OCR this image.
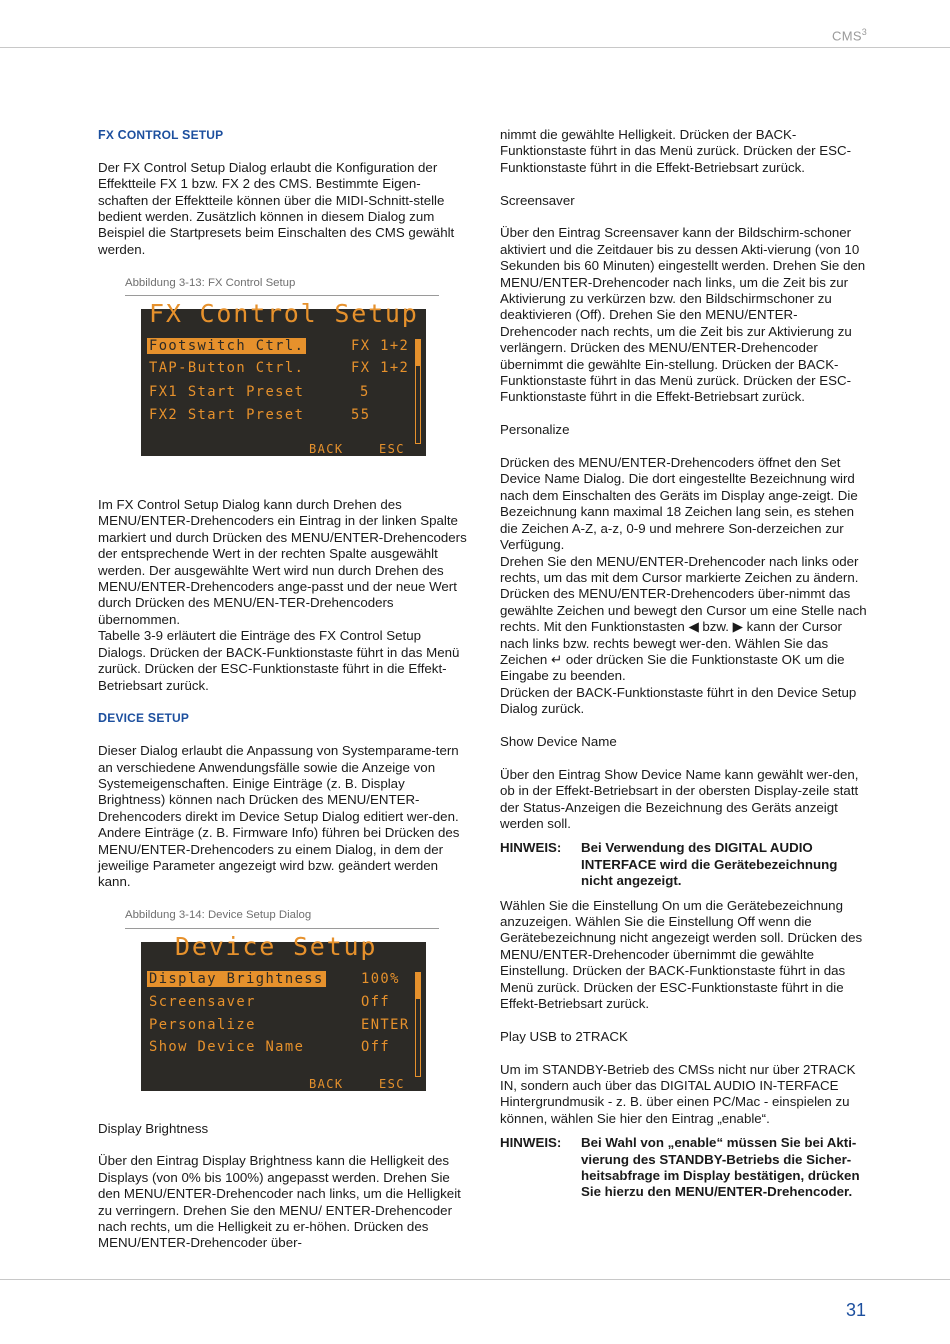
CMS$^3$
FX CONTROL SETUP

Der FX Control Setup Dialog erlaubt die Konfiguration der Effektteile FX 1 bzw. FX 2 des CMS. Bestimmte Eigen-schaften der Effektteile können über die MIDI-Schnitt-stelle bedient werden. Zusätzlich können in diesem Dialog zum Beispiel die Startpresets beim Einschalten des CMS gewählt werden.

Abbildung 3-13: FX Control Setup
FX Control Setup
Footswitch Ctrl.	FX 1+2
TAP-Button Ctrl.	FX 1+2
FX1 Start Preset	5
FX2 Start Preset	55
BACK	ESC

Im FX Control Setup Dialog kann durch Drehen des MENU/ENTER-Drehencoders ein Eintrag in der linken Spalte markiert und durch Drücken des MENU/ENTER-Drehencoders der entsprechende Wert in der rechten Spalte ausgewählt werden. Der ausgewählte Wert wird nun durch Drehen des MENU/ENTER-Drehencoders ange-passt und der neue Wert durch Drücken des MENU/EN-TER-Drehencoders übernommen.
Tabelle 3-9 erläutert die Einträge des FX Control Setup Dialogs. Drücken der BACK-Funktionstaste führt in das Menü zurück. Drücken der ESC-Funktionstaste führt in die Effekt-Betriebsart zurück.

DEVICE SETUP

Dieser Dialog erlaubt die Anpassung von Systemparame-tern an verschiedene Anwendungsfälle sowie die Anzeige von Systemeigenschaften. Einige Einträge (z. B. Display Brightness) können nach Drücken des MENU/ENTER-Drehencoders direkt im Device Setup Dialog editiert wer-den. Andere Einträge (z. B. Firmware Info) führen bei Drücken des MENU/ENTER-Drehencoders zu einem Dialog, in dem der jeweilige Parameter angezeigt wird bzw. geändert werden kann.

Abbildung 3-14: Device Setup Dialog
Device Setup
Display Brightness	100%
Screensaver	Off
Personalize	ENTER
Show Device Name	Off
BACK	ESC

Display Brightness

Über den Eintrag Display Brightness kann die Helligkeit des Displays (von 0% bis 100%) angepasst werden. Drehen Sie den MENU/ENTER-Drehencoder nach links, um die Helligkeit zu verringern. Drehen Sie den MENU/ ENTER-Drehencoder nach rechts, um die Helligkeit zu er-höhen. Drücken des MENU/ENTER-Drehencoder über-

nimmt die gewählte Helligkeit. Drücken der BACK-Funktionstaste führt in das Menü zurück. Drücken der ESC-Funktionstaste führt in die Effekt-Betriebsart zurück.

Screensaver

Über den Eintrag Screensaver kann der Bildschirm-schoner aktiviert und die Zeitdauer bis zu dessen Akti-vierung (von 10 Sekunden bis 60 Minuten) eingestellt werden. Drehen Sie den MENU/ENTER-Drehencoder nach links, um die Zeit bis zur Aktivierung zu verkürzen bzw. den Bildschirmschoner zu deaktivieren (Off). Drehen Sie den MENU/ENTER-Drehencoder nach rechts, um die Zeit bis zur Aktivierung zu verlängern. Drücken des MENU/ENTER-Drehencoder übernimmt die gewählte Ein-stellung. Drücken der BACK-Funktionstaste führt in das Menü zurück. Drücken der ESC-Funktionstaste führt in die Effekt-Betriebsart zurück.

Personalize

Drücken des MENU/ENTER-Drehencoders öffnet den Set Device Name Dialog. Die dort eingestellte Bezeichnung wird nach dem Einschalten des Geräts im Display ange-zeigt. Die Bezeichnung kann maximal 18 Zeichen lang sein, es stehen die Zeichen A-Z, a-z, 0-9 und mehrere Son-derzeichen zur Verfügung.
Drehen Sie den MENU/ENTER-Drehencoder nach links oder rechts, um das mit dem Cursor markierte Zeichen zu ändern. Drücken des MENU/ENTER-Drehencoders über-nimmt das gewählte Zeichen und bewegt den Cursor um eine Stelle nach rechts. Mit den Funktionstasten ◀ bzw. ▶ kann der Cursor nach links bzw. rechts bewegt wer-den. Wählen Sie das Zeichen ↵ oder drücken Sie die Funktionstaste OK um die Eingabe zu beenden.
Drücken der BACK-Funktionstaste führt in den Device Setup Dialog zurück.

Show Device Name

Über den Eintrag Show Device Name kann gewählt wer-den, ob in der Effekt-Betriebsart in der obersten Display-zeile statt der Status-Anzeigen die Bezeichnung des Geräts anzeigt werden soll.

HINWEIS:	Bei Verwendung des DIGITAL AUDIO INTERFACE wird die Gerätebezeichnung nicht angezeigt.

Wählen Sie die Einstellung On um die Gerätebezeichnung anzuzeigen. Wählen Sie die Einstellung Off wenn die Gerätebezeichnung nicht angezeigt werden soll. Drücken des MENU/ENTER-Drehencoder übernimmt die gewählte Einstellung. Drücken der BACK-Funktionstaste führt in das Menü zurück. Drücken der ESC-Funktionstaste führt in die Effekt-Betriebsart zurück.

Play USB to 2TRACK

Um im STANDBY-Betrieb des CMSs nicht nur über 2TRACK IN, sondern auch über das DIGITAL AUDIO IN-TERFACE Hintergrundmusik - z. B. über einen PC/Mac - einspielen zu können, wählen Sie hier den Eintrag „enable“.

HINWEIS:	Bei Wahl von „enable“ müssen Sie bei Akti-vierung des STANDBY-Betriebs die Sicher-heitsabfrage im Display bestätigen, drücken Sie hierzu den MENU/ENTER-Drehencoder.
31
